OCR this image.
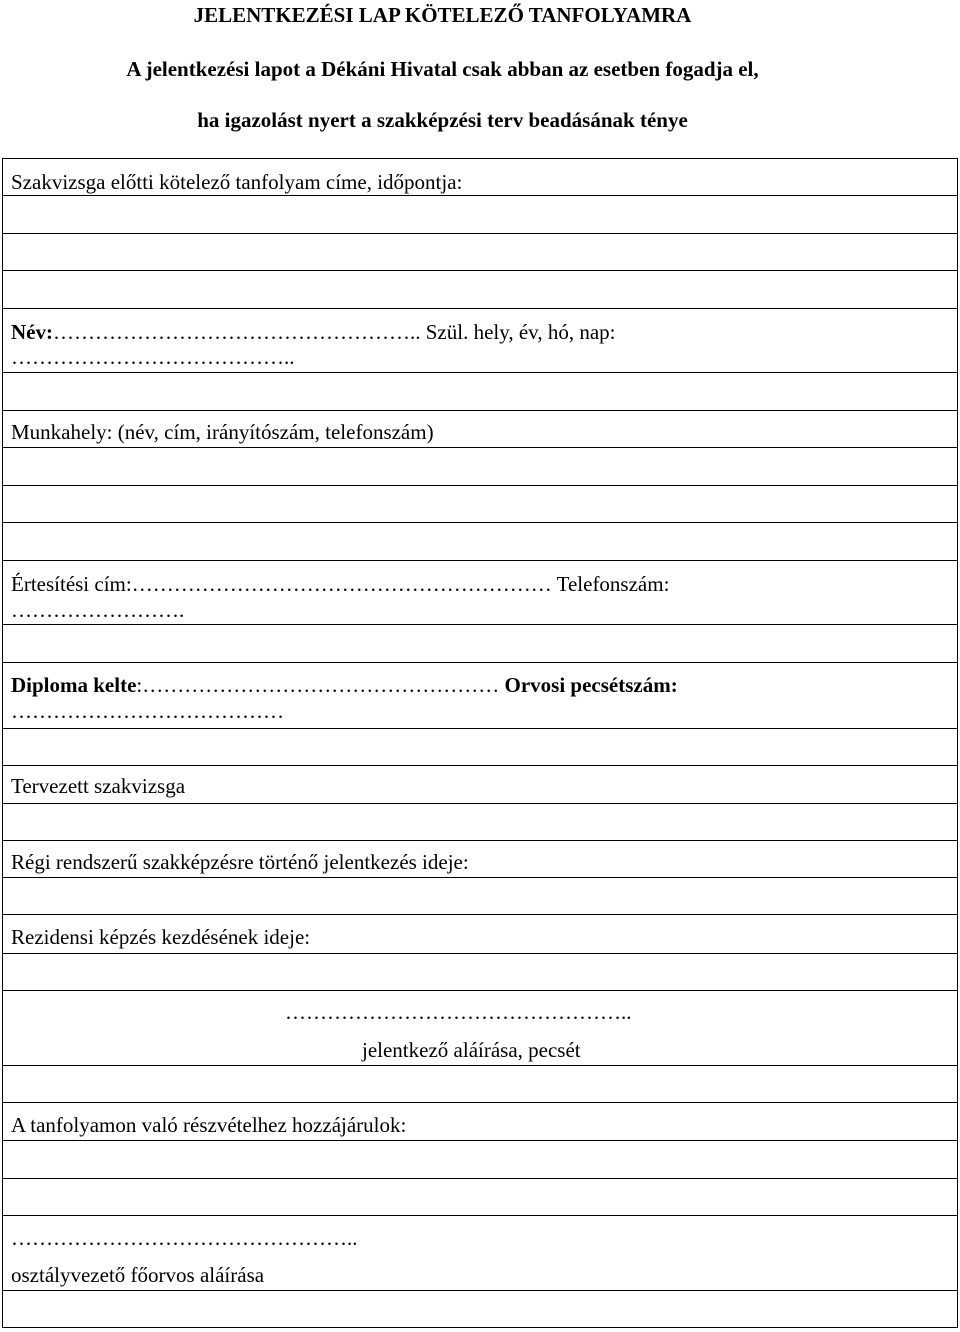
JELENTKEZÉSI LAP KÖTELEZŐ TANFOLYAMRA
A jelentkezési lapot a Dékáni Hivatal csak abban az esetben fogadja el,
ha igazolást nyert a szakképzési terv beadásának ténye
Szakvizsga előtti kötelező tanfolyam címe, időpontja:
Név:…………………………………………….. Szül. hely, év, hó, nap:
…………………………………..
Munkahely: (név, cím, irányítószám, telefonszám)
Értesítési cím:…………………………………………………… Telefonszám:
…………………….
Diploma kelte:…………………………………………… Orvosi pecsétszám:
…………………………………
Tervezett szakvizsga
Régi rendszerű szakképzésre történő jelentkezés ideje:
Rezidensi képzés kezdésének ideje:
…………………………………………..
jelentkező aláírása, pecsét
A tanfolyamon való részvételhez hozzájárulok:
…………………………………………..
osztályvezető főorvos aláírása
